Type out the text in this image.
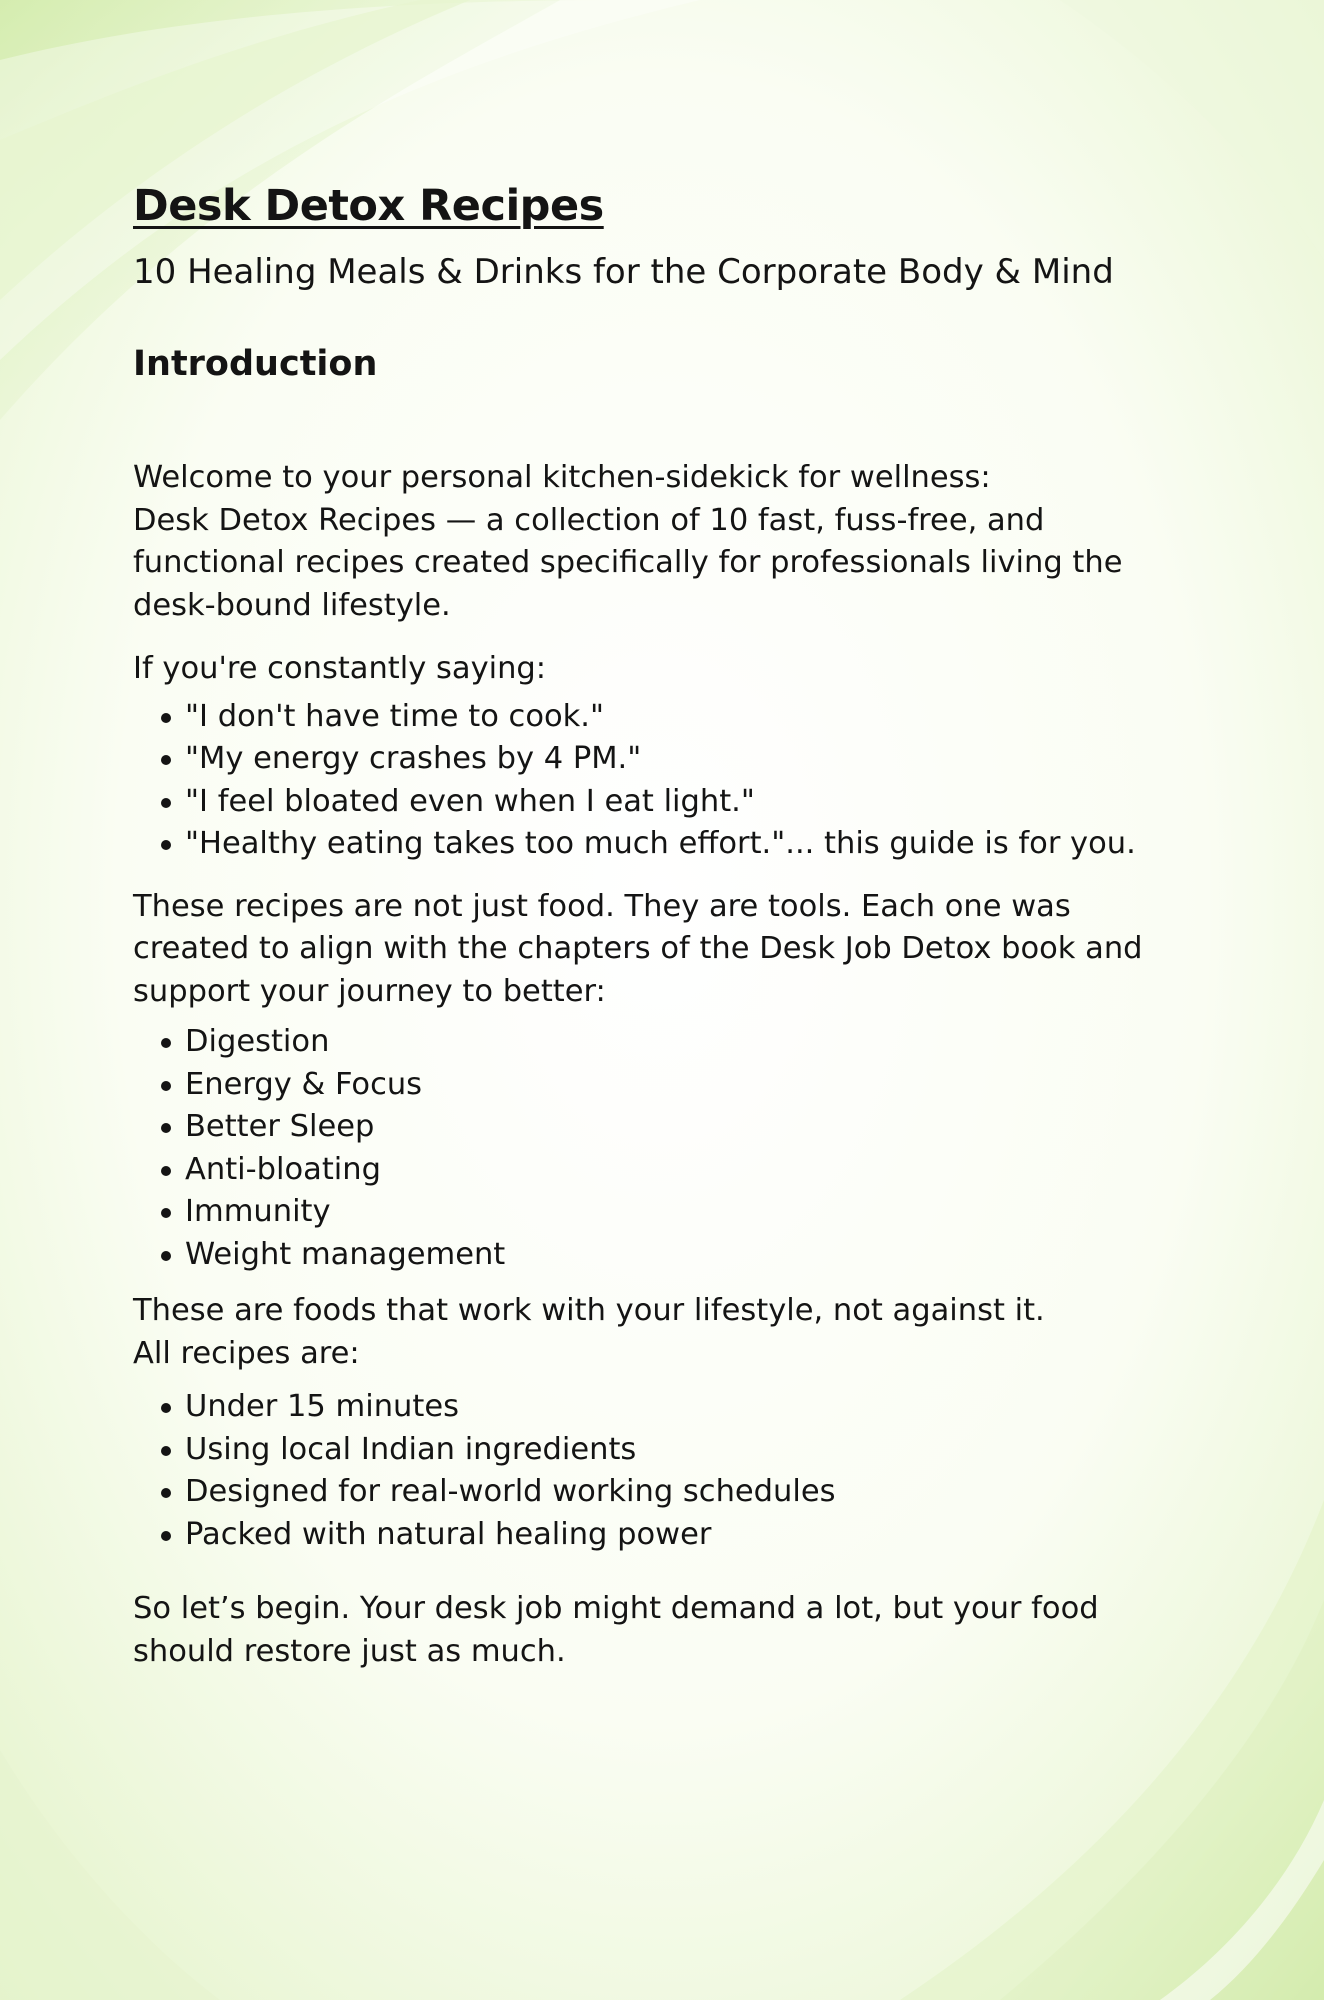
Desk Detox Recipes
10 Healing Meals & Drinks for the Corporate Body & Mind
Introduction

Welcome to your personal kitchen-sidekick for wellness:
Desk Detox Recipes — a collection of 10 fast, fuss-free, and functional recipes created specifically for professionals living the desk-bound lifestyle.

If you're constantly saying:

"I don't have time to cook."
"My energy crashes by 4 PM."
"I feel bloated even when I eat light."
"Healthy eating takes too much effort."... this guide is for you.

These recipes are not just food. They are tools. Each one was created to align with the chapters of the Desk Job Detox book and support your journey to better:

Digestion
Energy & Focus
Better Sleep
Anti-bloating
Immunity
Weight management

These are foods that work with your lifestyle, not against it.
All recipes are:

Under 15 minutes
Using local Indian ingredients
Designed for real-world working schedules
Packed with natural healing power

So let’s begin. Your desk job might demand a lot, but your food should restore just as much.
